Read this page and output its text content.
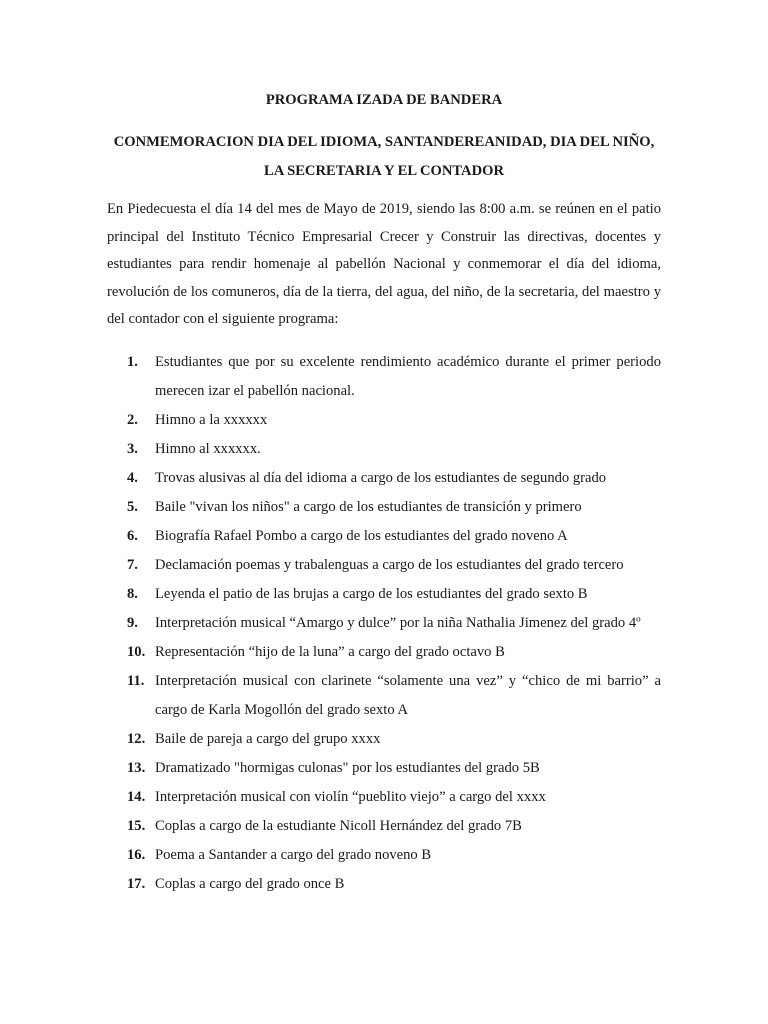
PROGRAMA IZADA DE BANDERA
CONMEMORACION DIA DEL IDIOMA, SANTANDEREANIDAD, DIA DEL NIÑO, LA SECRETARIA Y EL CONTADOR

En Piedecuesta el día 14 del mes de Mayo de 2019, siendo las 8:00 a.m. se reúnen en el patio principal del Instituto Técnico Empresarial Crecer y Construir las directivas, docentes y estudiantes para rendir homenaje al pabellón Nacional y conmemorar el día del idioma, revolución de los comuneros, día de la tierra, del agua, del niño, de la secretaria, del maestro y del contador con el siguiente programa:

1.	Estudiantes que por su excelente rendimiento académico durante el primer periodo merecen izar el pabellón nacional.
2.	Himno a la xxxxxx
3.	Himno al xxxxxx.
4.	Trovas alusivas al día del idioma a cargo de los estudiantes de segundo grado
5.	Baile "vivan los niños" a cargo de los estudiantes de transición y primero
6.	Biografía Rafael Pombo a cargo de los estudiantes del grado noveno A
7.	Declamación poemas y trabalenguas a cargo de los estudiantes del grado tercero
8.	Leyenda el patio de las brujas a cargo de los estudiantes del grado sexto B
9.	Interpretación musical “Amargo y dulce” por la niña Nathalia Jimenez del grado 4º
10. Representación “hijo de la luna” a cargo del grado octavo B
11. Interpretación musical con clarinete “solamente una vez” y “chico de mi barrio” a cargo de Karla Mogollón del grado sexto A
12. Baile de pareja a cargo del grupo xxxx
13. Dramatizado "hormigas culonas" por los estudiantes del grado 5B
14. Interpretación musical con violín “pueblito viejo” a cargo del xxxx
15. Coplas a cargo de la estudiante Nicoll Hernández del grado 7B
16. Poema a Santander a cargo del grado noveno B
17. Coplas a cargo del grado once B
